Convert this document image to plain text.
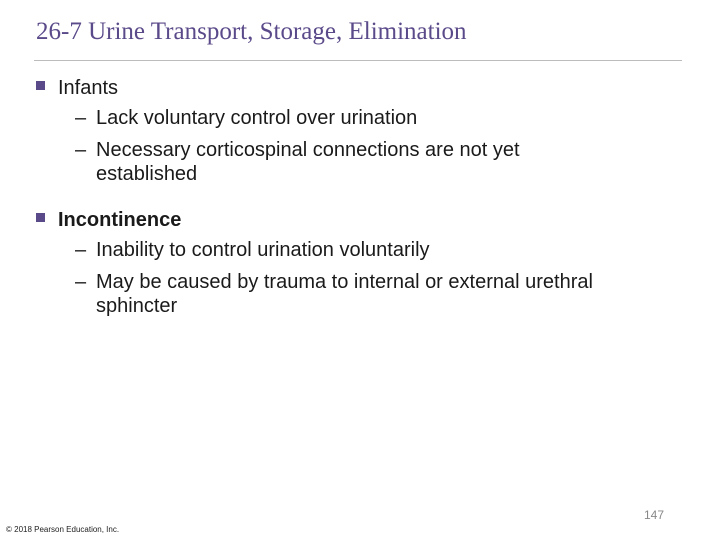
26-7 Urine Transport, Storage, Elimination
Infants
– Lack voluntary control over urination
– Necessary corticospinal connections are not yet established
Incontinence
– Inability to control urination voluntarily
– May be caused by trauma to internal or external urethral sphincter
147
© 2018 Pearson Education, Inc.
